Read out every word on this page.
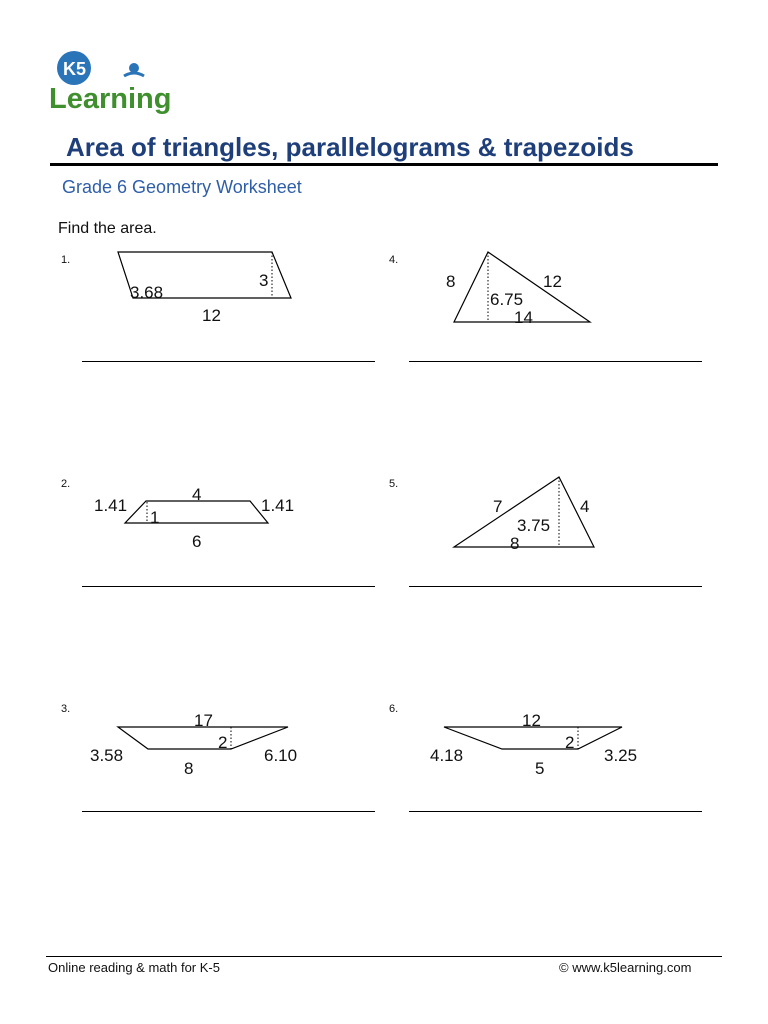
K5
Learning
Area of triangles, parallelograms & trapezoids
Grade 6 Geometry Worksheet
Find the area.
1.
3.68
3
12
2.
4
1.41
1
1.41
6
3.
17
3.58
2
6.10
8
4.
8	12
6.75
14
5.
7	4
3.75
8
6.
12
4.18
2
3.25
5
Online reading & math for K-5	© www.k5learning.com
